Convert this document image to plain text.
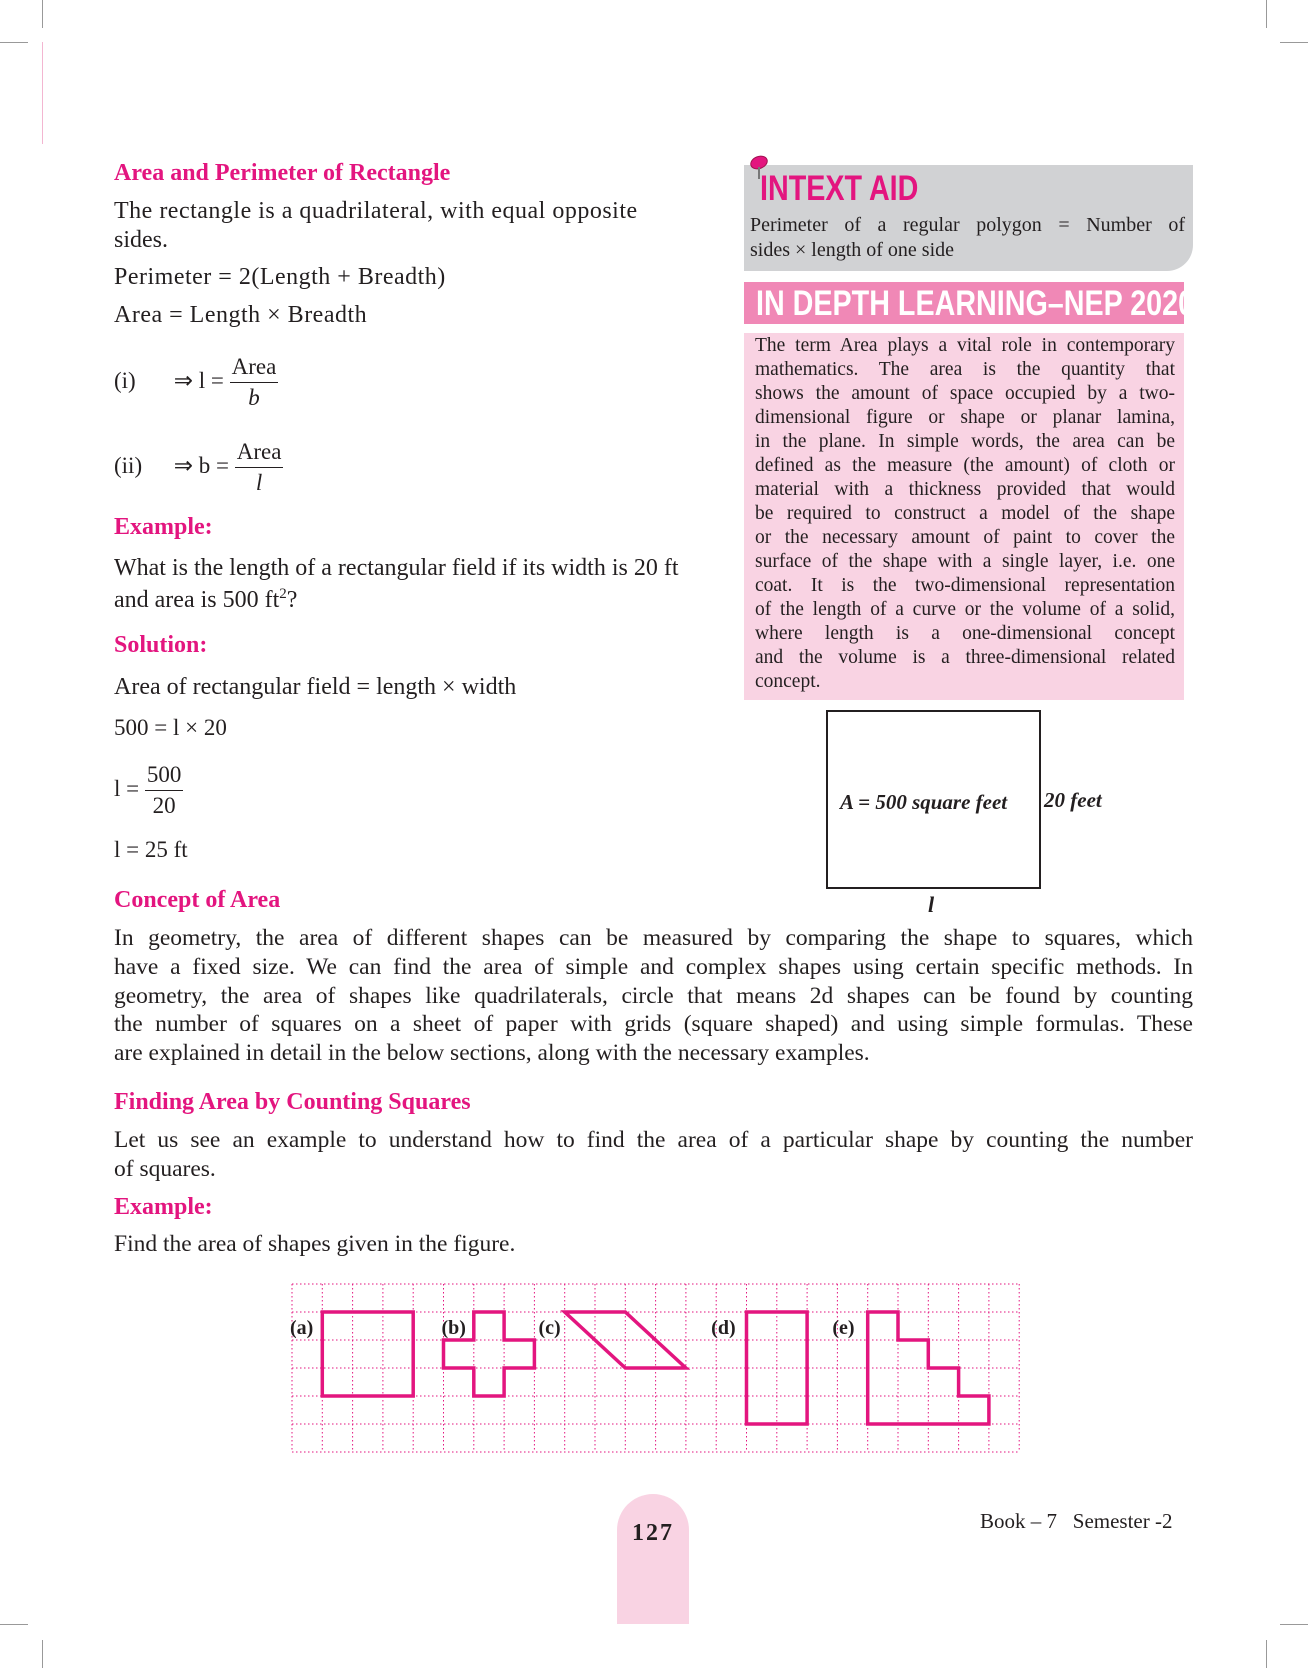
Area and Perimeter of Rectangle
The rectangle is a quadrilateral, with equal opposite
sides.
Perimeter = 2(Length + Breadth)
Area = Length × Breadth
(i) ⇒ $l = \frac{\text{Area}}{b}$
(ii) ⇒ $b = \frac{\text{Area}}{l}$
Example:
What is the length of a rectangular field if its width is 20 ft
and area is 500 $ft^2$?
Solution:
Area of rectangular field = length × width
500 = l × 20
$l = \frac{500}{20}$
l = 25 ft
INTEXT AID
Perimeter of a regular polygon = Number of
sides × length of one side
IN DEPTH LEARNING–NEP 2020
The term Area plays a vital role in contemporary
mathematics. The area is the quantity that
shows the amount of space occupied by a two-
dimensional figure or shape or planar lamina,
in the plane. In simple words, the area can be
defined as the measure (the amount) of cloth or
material with a thickness provided that would
be required to construct a model of the shape
or the necessary amount of paint to cover the
surface of the shape with a single layer, i.e. one
coat. It is the two-dimensional representation
of the length of a curve or the volume of a solid,
where length is a one-dimensional concept
and the volume is a three-dimensional related
concept.
A = 500 square feet 20 feet
l
Concept of Area
In geometry, the area of different shapes can be measured by comparing the shape to squares, which
have a fixed size. We can find the area of simple and complex shapes using certain specific methods. In
geometry, the area of shapes like quadrilaterals, circle that means 2d shapes can be found by counting
the number of squares on a sheet of paper with grids (square shaped) and using simple formulas. These
are explained in detail in the below sections, along with the necessary examples.
Finding Area by Counting Squares
Let us see an example to understand how to find the area of a particular shape by counting the number
of squares.
Example:
Find the area of shapes given in the figure.
(a)	(b)	(c)	(d)	(e)
127	Book – 7 Semester -2
